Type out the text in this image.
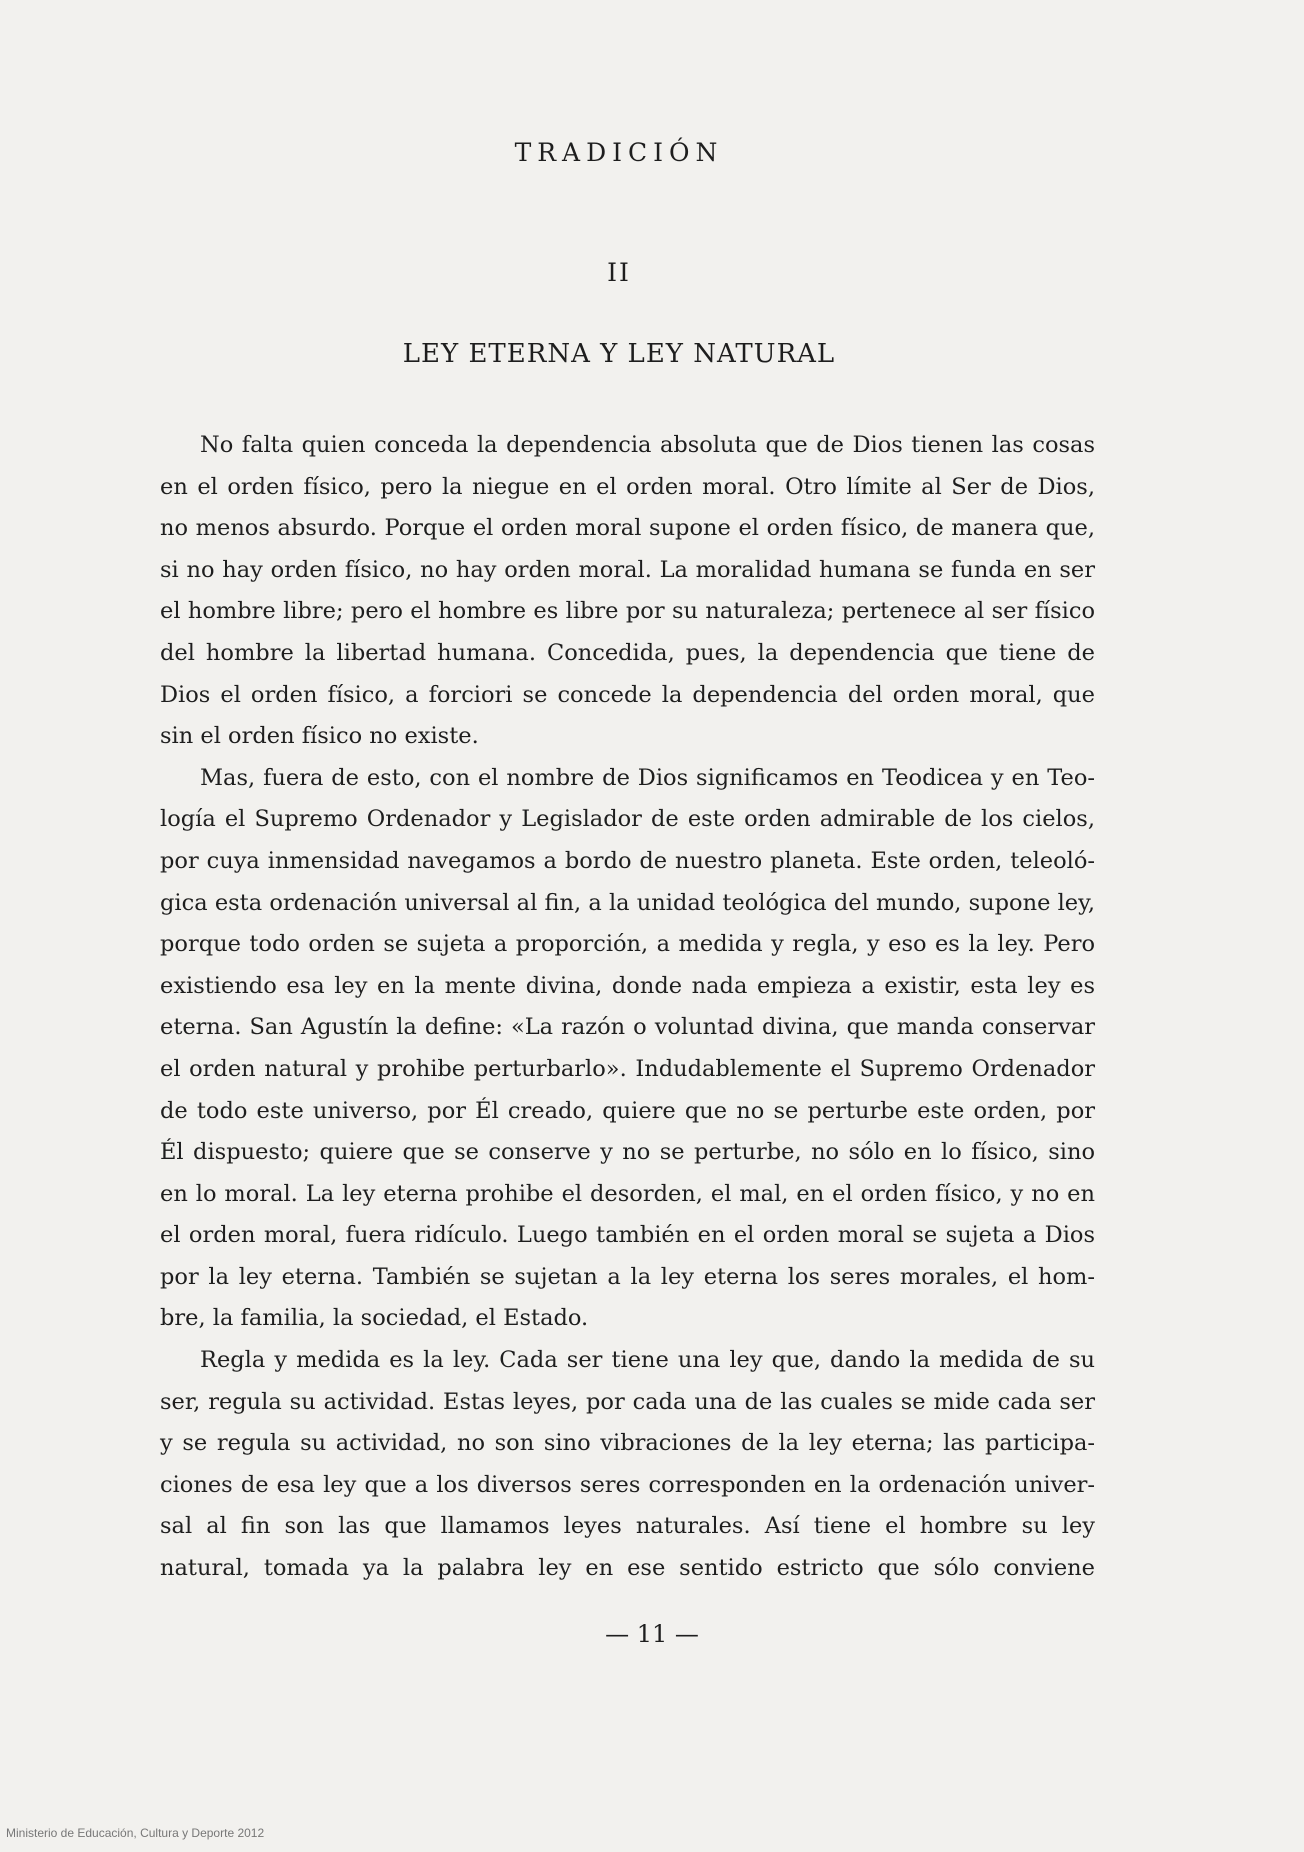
TRADICIÓN
II
LEY ETERNA Y LEY NATURAL

No falta quien conceda la dependencia absoluta que de Dios tienen las cosas
en el orden físico, pero la niegue en el orden moral. Otro límite al Ser de Dios,
no menos absurdo. Porque el orden moral supone el orden físico, de manera que,
si no hay orden físico, no hay orden moral. La moralidad humana se funda en ser
el hombre libre; pero el hombre es libre por su naturaleza; pertenece al ser físico
del hombre la libertad humana. Concedida, pues, la dependencia que tiene de
Dios el orden físico, a forciori se concede la dependencia del orden moral, que
sin el orden físico no existe.

Mas, fuera de esto, con el nombre de Dios significamos en Teodicea y en Teo-
logía el Supremo Ordenador y Legislador de este orden admirable de los cielos,
por cuya inmensidad navegamos a bordo de nuestro planeta. Este orden, teleoló-
gica esta ordenación universal al fin, a la unidad teológica del mundo, supone ley,
porque todo orden se sujeta a proporción, a medida y regla, y eso es la ley. Pero
existiendo esa ley en la mente divina, donde nada empieza a existir, esta ley es
eterna. San Agustín la define: «La razón o voluntad divina, que manda conservar
el orden natural y prohibe perturbarlo». Indudablemente el Supremo Ordenador
de todo este universo, por Él creado, quiere que no se perturbe este orden, por
Él dispuesto; quiere que se conserve y no se perturbe, no sólo en lo físico, sino
en lo moral. La ley eterna prohibe el desorden, el mal, en el orden físico, y no en
el orden moral, fuera ridículo. Luego también en el orden moral se sujeta a Dios
por la ley eterna. También se sujetan a la ley eterna los seres morales, el hom-
bre, la familia, la sociedad, el Estado.

Regla y medida es la ley. Cada ser tiene una ley que, dando la medida de su
ser, regula su actividad. Estas leyes, por cada una de las cuales se mide cada ser
y se regula su actividad, no son sino vibraciones de la ley eterna; las participa-
ciones de esa ley que a los diversos seres corresponden en la ordenación univer-
sal al fin son las que llamamos leyes naturales. Así tiene el hombre su ley
natural, tomada ya la palabra ley en ese sentido estricto que sólo conviene

— 11 —
Ministerio de Educación, Cultura y Deporte 2012
